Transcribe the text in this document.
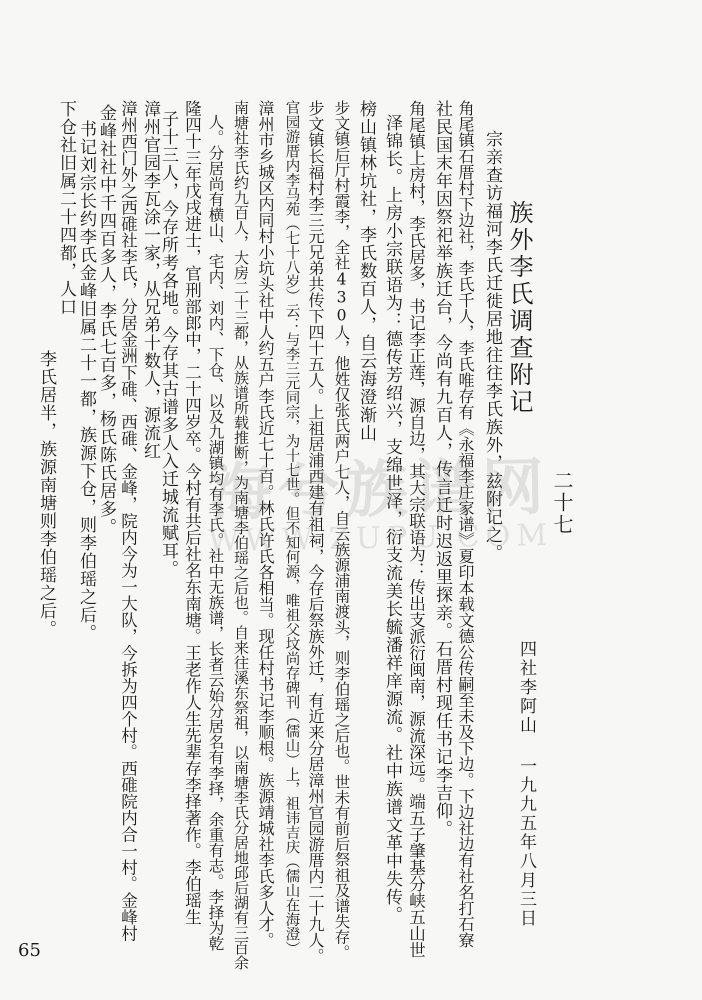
二十七
族外李氏调查附记
四社李阿山 一九九五年八月三日
宗亲查访福河李氏迁徙居地往往李氏族外，兹附记之。
角尾镇石厝村下边社，李氏千人，李氏唯存有《永福李庄家谱》夏印本载文德公传嗣至未及下边。下边社边有社名打石寮
社民国末年因祭祀举族迁台，今尚有九百人，传言迁时迟返里探亲。石厝村现任书记李吉仰。
角尾镇上房村，李氏居多，书记李正莲，源自边，其大宗联语为：传出支派衍闽南，源流深远。端五子肇基分峡五山世
泽锦长。上房小宗联语为：德传芳绍兴，支绵世泽，衍支流美长毓潘祥庠源流。社中族谱文革中失传。
榜山镇林坑社，李氏数百人，自云海澄渐山
步文镇后厅村霞李，全社430人，他姓仅张氏两户七人，自云族源浦南渡头，则李伯瑶之后也。世未有前后祭祖及谱失存。
步文镇长福村李三元兄弟共传下四十五人。上祖居浦西建有祖祠，今存后祭族外迁，有近来分居漳州官园游厝内二十九人。
官园游厝内李马苑（七十八岁）云：与李三元同宗，为十七世。但不知何源，唯祖父坟尚存碑刊（儒山）上，祖讳吉庆（儒山在海澄）
漳州市乡城区内同村小坑头社中人约五户李氏近七十百。林氏许氏各相当。现任村书记李顺根。族源靖城社李氏多人才。
南塘社李氏约九百人，大房二十三都，从族谱所载推断，为南塘李伯瑶之后也。自来往溪东祭祖，以南塘李氏分居地邱后湖有三百余
人。分居尚有横山、宅内、刘内、下仓、以及九湖镇均有李氏。社中无族谱，长者云始分居名有李择，余重有志。李择为乾
隆四十三年戊戌进士，官刑部郎中，二十四岁卒。今村有共后社名东南塘。王老作人生先辈存李择著作。李伯瑶生
子十三人，今存所考各地。今存其古谱多人入迁城流赋耳。
漳州官园李瓦涂一家，从兄弟十数人，源流红
漳州西门外之西碓社李氏，分居金洲下碓、西碓、金峰，院内今为一大队，今拆为四个村。西碓院内合一村。金峰村
金峰社社中千四百多人，李氏七百多，杨氏陈氏居多。
书记刘宗长约李氏金峰旧属二十一都，族源下仓，则李伯瑶之后。
下仓社旧属二十四都，人口
李氏居半，族源南塘则李伯瑶之后。
65
海兮族谱网
WWW.ZUPU.COM
